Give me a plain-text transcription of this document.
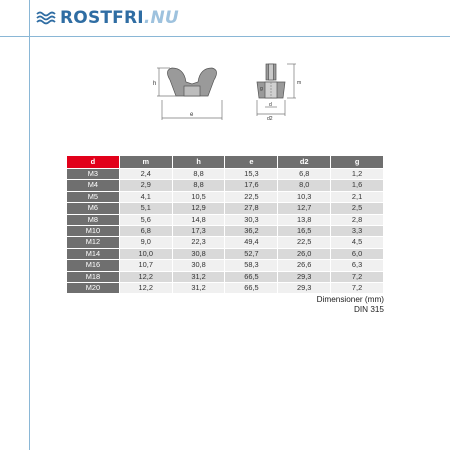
ROSTFRI.NU
h
e
m
d
d2
g
d	m	h	e	d2	g
M3	2,4	8,8	15,3	6,8	1,2
M4	2,9	8,8	17,6	8,0	1,6
M5	4,1	10,5	22,5	10,3	2,1
M6	5,1	12,9	27,8	12,7	2,5
M8	5,6	14,8	30,3	13,8	2,8
M10	6,8	17,3	36,2	16,5	3,3
M12	9,0	22,3	49,4	22,5	4,5
M14	10,0	30,8	52,7	26,0	6,0
M16	10,7	30,8	58,3	26,6	6,3
M18	12,2	31,2	66,5	29,3	7,2
M20	12,2	31,2	66,5	29,3	7,2
Dimensioner (mm)
DIN 315
